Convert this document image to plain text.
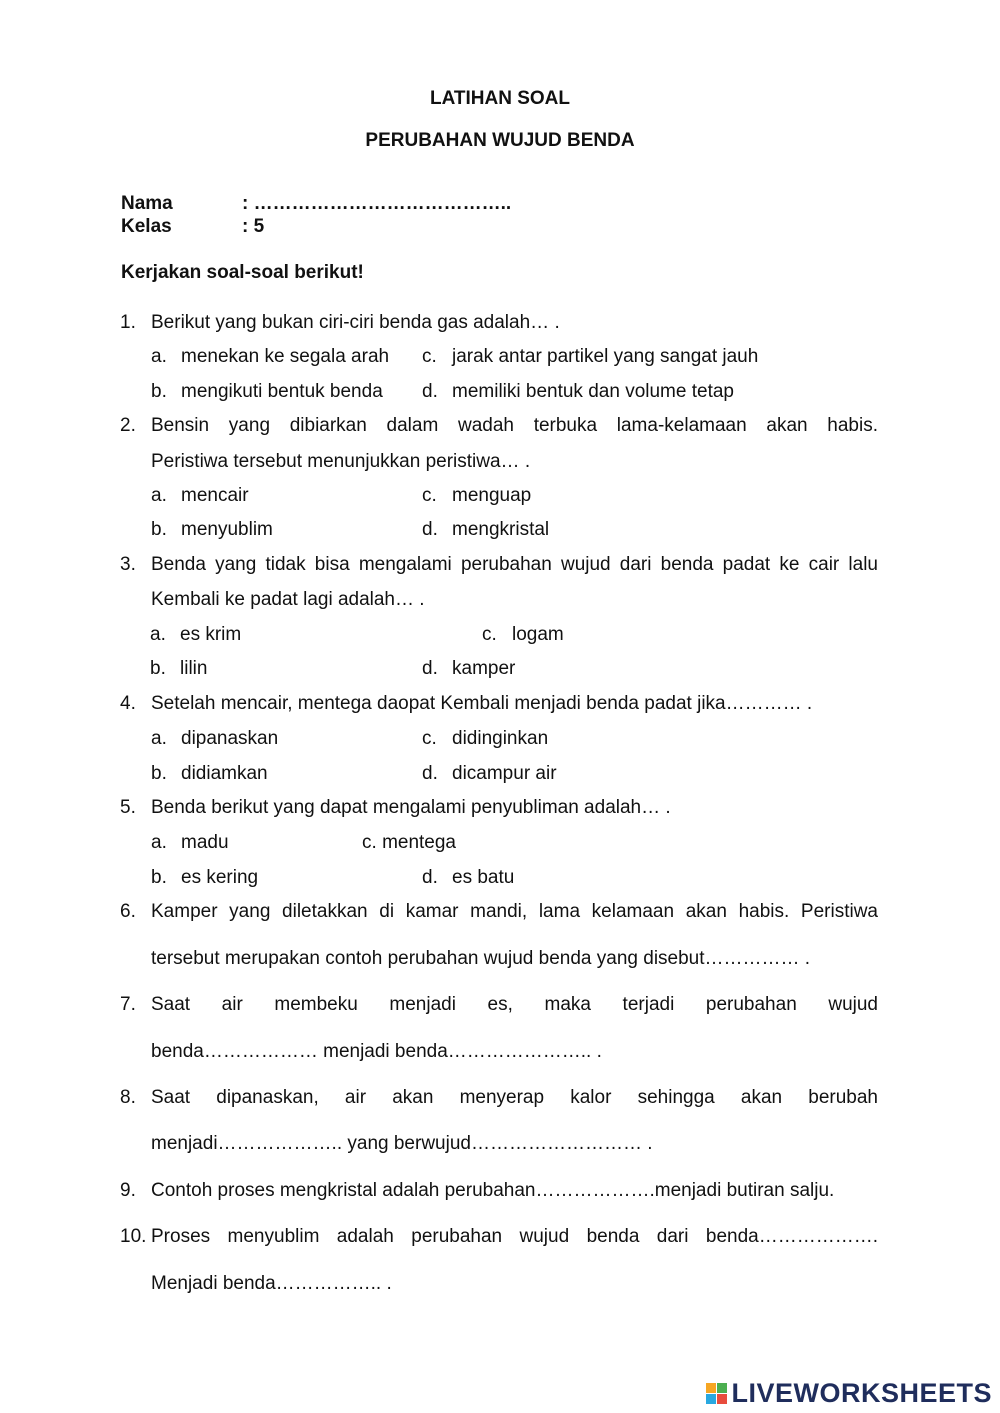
LATIHAN SOAL
PERUBAHAN WUJUD BENDA
Nama	: …………………………………..
Kelas	: 5
Kerjakan soal-soal berikut!
1. Berikut yang bukan ciri-ciri benda gas adalah… .
a. menekan ke segala arah c. jarak antar partikel yang sangat jauh
b. mengikuti bentuk benda d. memiliki bentuk dan volume tetap
2. Bensin yang dibiarkan dalam wadah terbuka lama-kelamaan akan habis.
Peristiwa tersebut menunjukkan peristiwa… .
a. mencair	c. menguap
b. menyublim	d. mengkristal
3. Benda yang tidak bisa mengalami perubahan wujud dari benda padat ke cair lalu
Kembali ke padat lagi adalah… .
a. es krim	c. logam
b. lilin	d. kamper
4. Setelah mencair, mentega daopat Kembali menjadi benda padat jika………… .
a. dipanaskan	c. didinginkan
b. didiamkan	d. dicampur air
5. Benda berikut yang dapat mengalami penyubliman adalah… .
a. madu	c. mentega
b. es kering	d. es batu
6. Kamper yang diletakkan di kamar mandi, lama kelamaan akan habis. Peristiwa
tersebut merupakan contoh perubahan wujud benda yang disebut…………… .
7. Saat air membeku menjadi es, maka terjadi perubahan wujud
benda……………… menjadi benda………………….. .
8. Saat dipanaskan, air akan menyerap kalor sehingga akan berubah
menjadi……………….. yang berwujud……………………… .
9. Contoh proses mengkristal adalah perubahan……………….menjadi butiran salju.
10. Proses menyublim adalah perubahan wujud benda dari benda……………….
Menjadi benda…………….. .
LIVEWORKSHEETS
